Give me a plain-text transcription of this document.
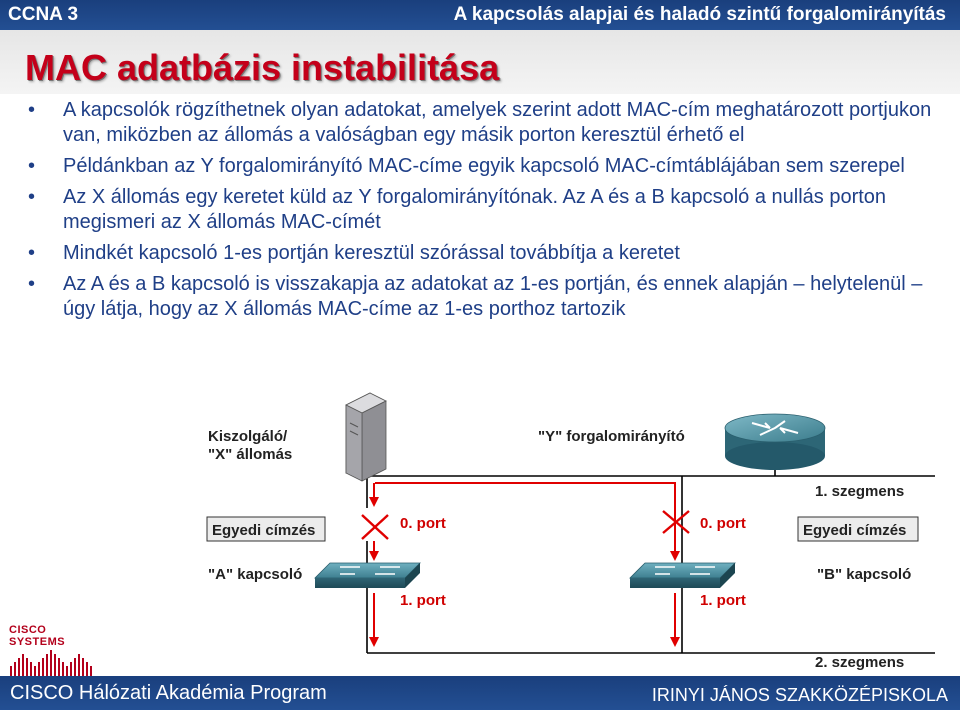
CCNA 3	A kapcsolás alapjai és haladó szintű forgalomirányítás
MAC adatbázis instabilitása
• A kapcsolók rögzíthetnek olyan adatokat, amelyek szerint adott MAC-cím meghatározott portjukon van, miközben az állomás a valóságban egy másik porton keresztül érhető el
• Példánkban az Y forgalomirányító MAC-címe egyik kapcsoló MAC-címtáblájában sem szerepel
• Az X állomás egy keretet küld az Y forgalomirányítónak. Az A és a B kapcsoló a nullás porton megismeri az X állomás MAC-címét
• Mindkét kapcsoló 1-es portján keresztül szórással továbbítja a keretet
• Az A és a B kapcsoló is visszakapja az adatokat az 1-es portján, és ennek alapján – helytelenül – úgy látja, hogy az X állomás MAC-címe az 1-es porthoz tartozik
Kiszolgáló/
"X" állomás
"Y" forgalomirányító
1. szegmens
2. szegmens
Egyedi címzés	Egyedi címzés
0. port	0. port
1. port	1. port
"A" kapcsoló	"B" kapcsoló
CISCO SYSTEMS
CISCO Hálózati Akadémia Program	IRINYI JÁNOS SZAKKÖZÉPISKOLA
